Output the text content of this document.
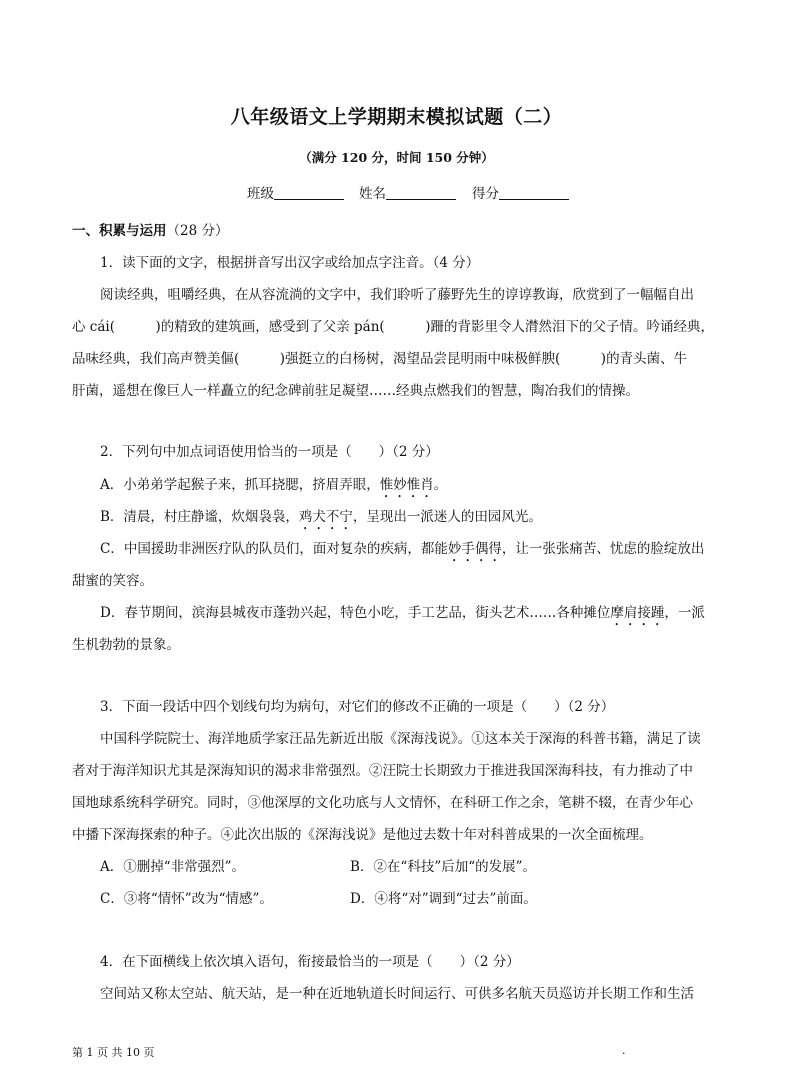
八年级语文上学期期末模拟试题（二）
（满分 120 分，时间 150 分钟）
班级	姓名	得分
一、积累与运用（28 分）
1．读下面的文字，根据拼音写出汉字或给加点字注音。（4 分）
阅读经典，咀嚼经典，在从容流淌的文字中，我们聆听了藤野先生的谆谆教诲，欣赏到了一幅幅自出
心 cái(　　　)的精致的建筑画，感受到了父亲 pán(　　　)跚的背影里令人潸然泪下的父子情。吟诵经典，
品味经典，我们高声赞美傴(　　　)强挺立的白杨树，渴望品尝昆明雨中味极鲜腴(　　　)的青头菌、牛
肝菌，遥想在像巨人一样矗立的纪念碑前驻足凝望……经典点燃我们的智慧，陶冶我们的情操。
2．下列句中加点词语使用恰当的一项是（　　）（2 分）
A．小弟弟学起猴子来，抓耳挠腮，挤眉弄眼，惟妙惟肖。
B．清晨，村庄静谧，炊烟袅袅，鸡犬不宁，呈现出一派迷人的田园风光。
C．中国援助非洲医疗队的队员们，面对复杂的疾病，都能妙手偶得，让一张张痛苦、忧虑的脸绽放出
甜蜜的笑容。
D．春节期间，滨海县城夜市蓬勃兴起，特色小吃，手工艺品，街头艺术……各种摊位摩肩接踵，一派
生机勃勃的景象。
3．下面一段话中四个划线句均为病句，对它们的修改不正确的一项是（　　）（2 分）
中国科学院院士、海洋地质学家汪品先新近出版《深海浅说》。①这本关于深海的科普书籍，满足了读
者对于海洋知识尤其是深海知识的渴求非常强烈。②汪院士长期致力于推进我国深海科技，有力推动了中
国地球系统科学研究。同时，③他深厚的文化功底与人文情怀，在科研工作之余，笔耕不辍，在青少年心
中播下深海探索的种子。④此次出版的《深海浅说》是他过去数十年对科普成果的一次全面梳理。
A．①删掉“非常强烈”。	B．②在“科技”后加“的发展”。
C．③将“情怀”改为“情感”。	D．④将“对”调到“过去”前面。
4．在下面横线上依次填入语句，衔接最恰当的一项是（　　）（2 分）
空间站又称太空站、航天站，是一种在近地轨道长时间运行、可供多名航天员巡访并长期工作和生活
第 1 页 共 10 页	.
